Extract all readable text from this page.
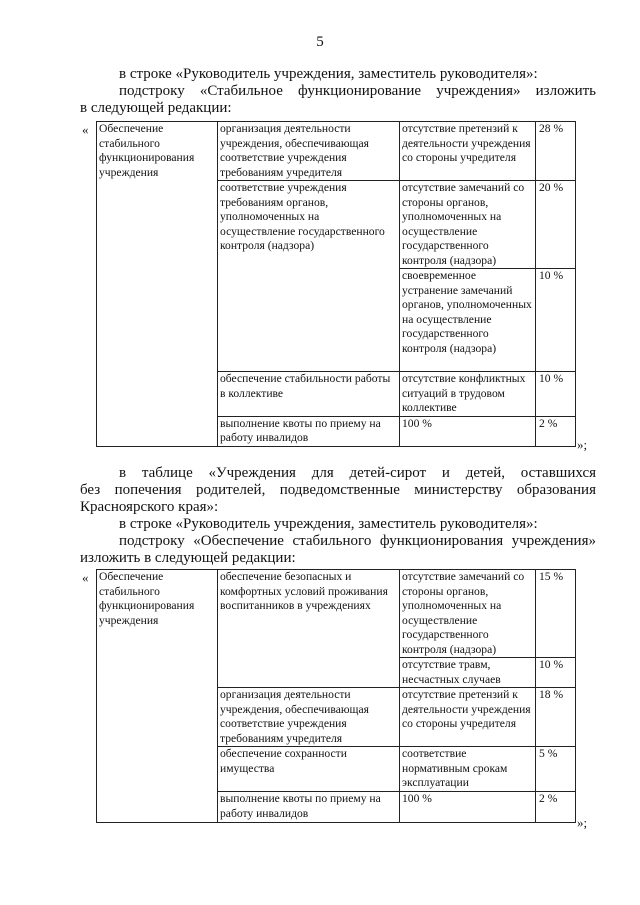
5
в строке «Руководитель учреждения, заместитель руководителя»:
подстроку «Стабильное функционирование учреждения» изложить
в следующей редакции:
« Обеспечение стабильного функционирования учреждения	организация деятельности учреждения, обеспечивающая соответствие учреждения требованиям учредителя	отсутствие претензий к деятельности учреждения со стороны учредителя	28 %
	соответствие учреждения требованиям органов, уполномоченных на осуществление государственного контроля (надзора)	отсутствие замечаний со стороны органов, уполномоченных на осуществление государственного контроля (надзора)	20 %
		своевременное устранение замечаний органов, уполномоченных на осуществление государственного контроля (надзора)	10 %
	обеспечение стабильности работы в коллективе	отсутствие конфликтных ситуаций в трудовом коллективе	10 %
	выполнение квоты по приему на работу инвалидов	100 %	2 %
»;
в таблице «Учреждения для детей-сирот и детей, оставшихся
без попечения родителей, подведомственные министерству образования
Красноярского края»:
в строке «Руководитель учреждения, заместитель руководителя»:
подстроку «Обеспечение стабильного функционирования учреждения»
изложить в следующей редакции:
« Обеспечение стабильного функционирования учреждения	обеспечение безопасных и комфортных условий проживания воспитанников в учреждениях	отсутствие замечаний со стороны органов, уполномоченных на осуществление государственного контроля (надзора)	15 %
		отсутствие травм, несчастных случаев	10 %
	организация деятельности учреждения, обеспечивающая соответствие учреждения требованиям учредителя	отсутствие претензий к деятельности учреждения со стороны учредителя	18 %
	обеспечение сохранности имущества	соответствие нормативным срокам эксплуатации	5 %
	выполнение квоты по приему на работу инвалидов	100 %	2 %
»;
